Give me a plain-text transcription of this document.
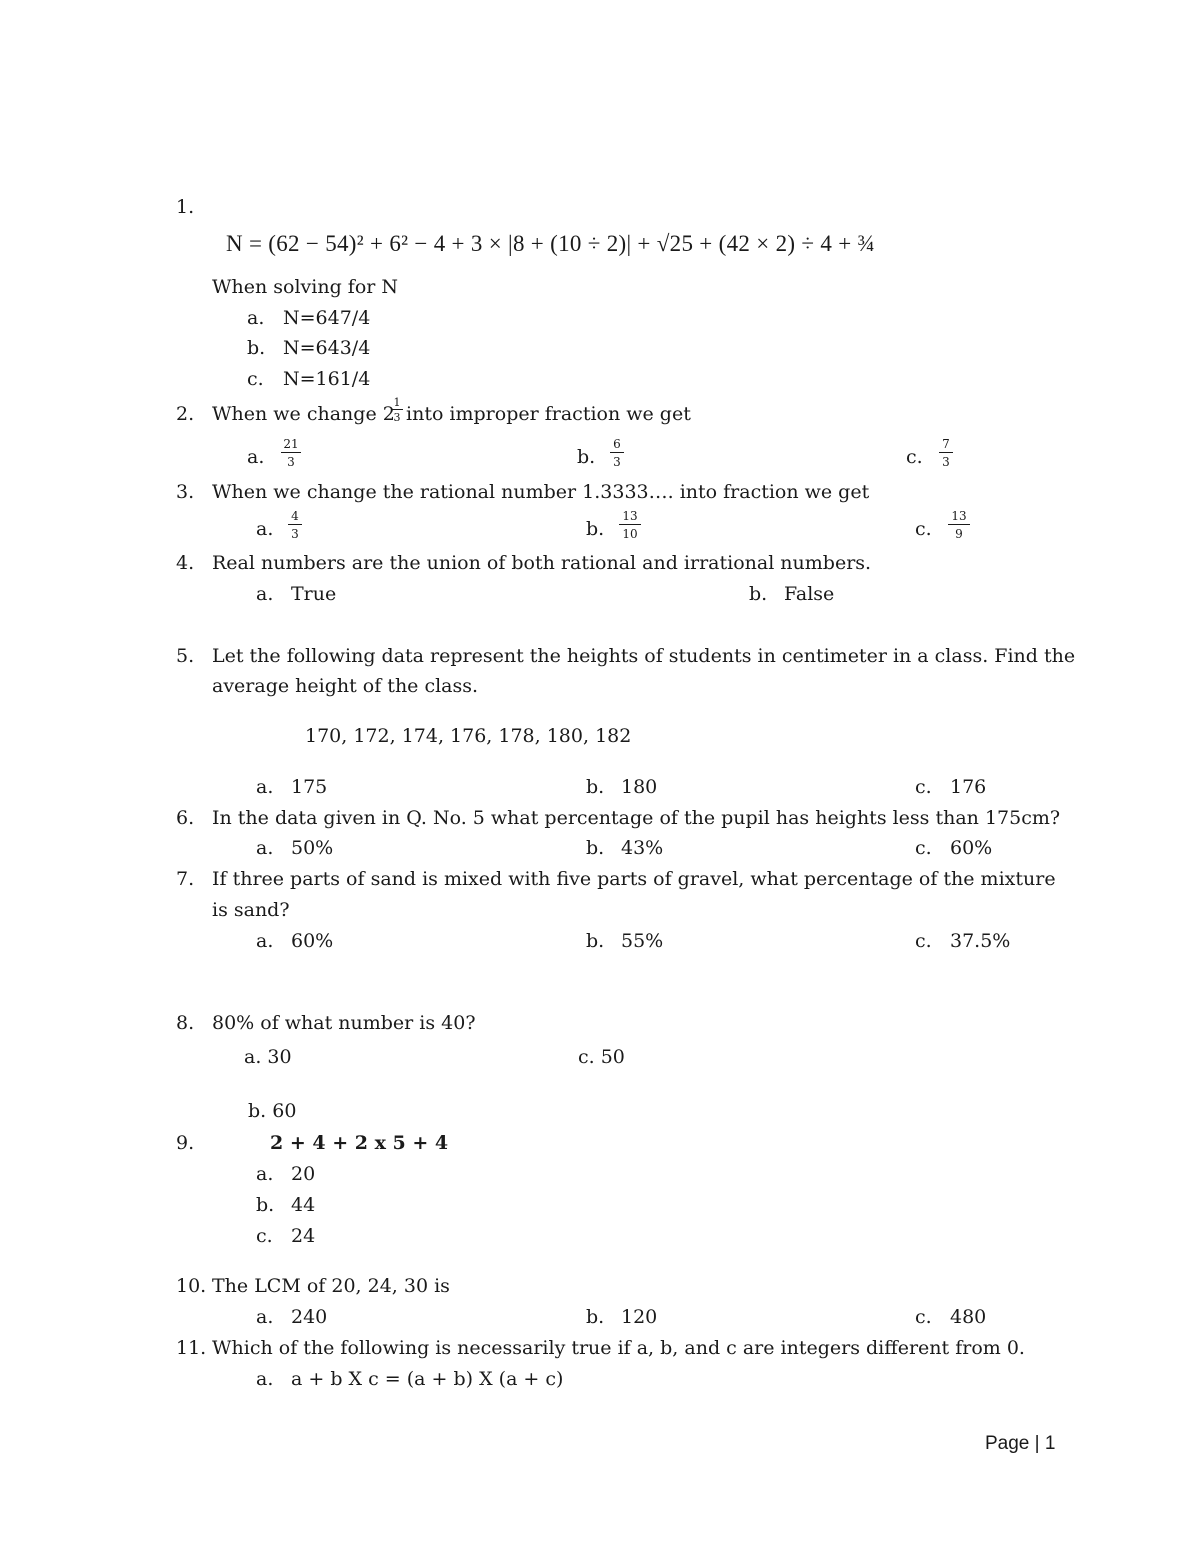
1.
N = (62 − 54)² + 6² − 4 + 3 × |8 + (10 ÷ 2)| + √25 + (42 × 2) ÷ 4 + ¾
When solving for N
a. N=647/4
b. N=643/4
c. N=161/4
2. When we change 2
1
3 into improper fraction we get
a.
21
3	b.
6
3	c.
7
3
3. When we change the rational number 1.3333…. into fraction we get
a.
4
3	b.
13
10	c.
13
9
4. Real numbers are the union of both rational and irrational numbers.
a. True	b. False
5. Let the following data represent the heights of students in centimeter in a class. Find the
average height of the class.
170, 172, 174, 176, 178, 180, 182
a. 175	b. 180	c. 176
6. In the data given in Q. No. 5 what percentage of the pupil has heights less than 175cm?
a. 50%	b. 43%	c. 60%
7. If three parts of sand is mixed with five parts of gravel, what percentage of the mixture
is sand?
a. 60%	b. 55%	c. 37.5%
8. 80% of what number is 40?
a. 30	c. 50
b. 60
9.	2 + 4 + 2 x 5 + 4
a. 20
b. 44
c. 24
10. The LCM of 20, 24, 30 is
a. 240	b. 120	c. 480
11. Which of the following is necessarily true if a, b, and c are integers different from 0.
a. a + b X c = (a + b) X (a + c)
Page | 1
